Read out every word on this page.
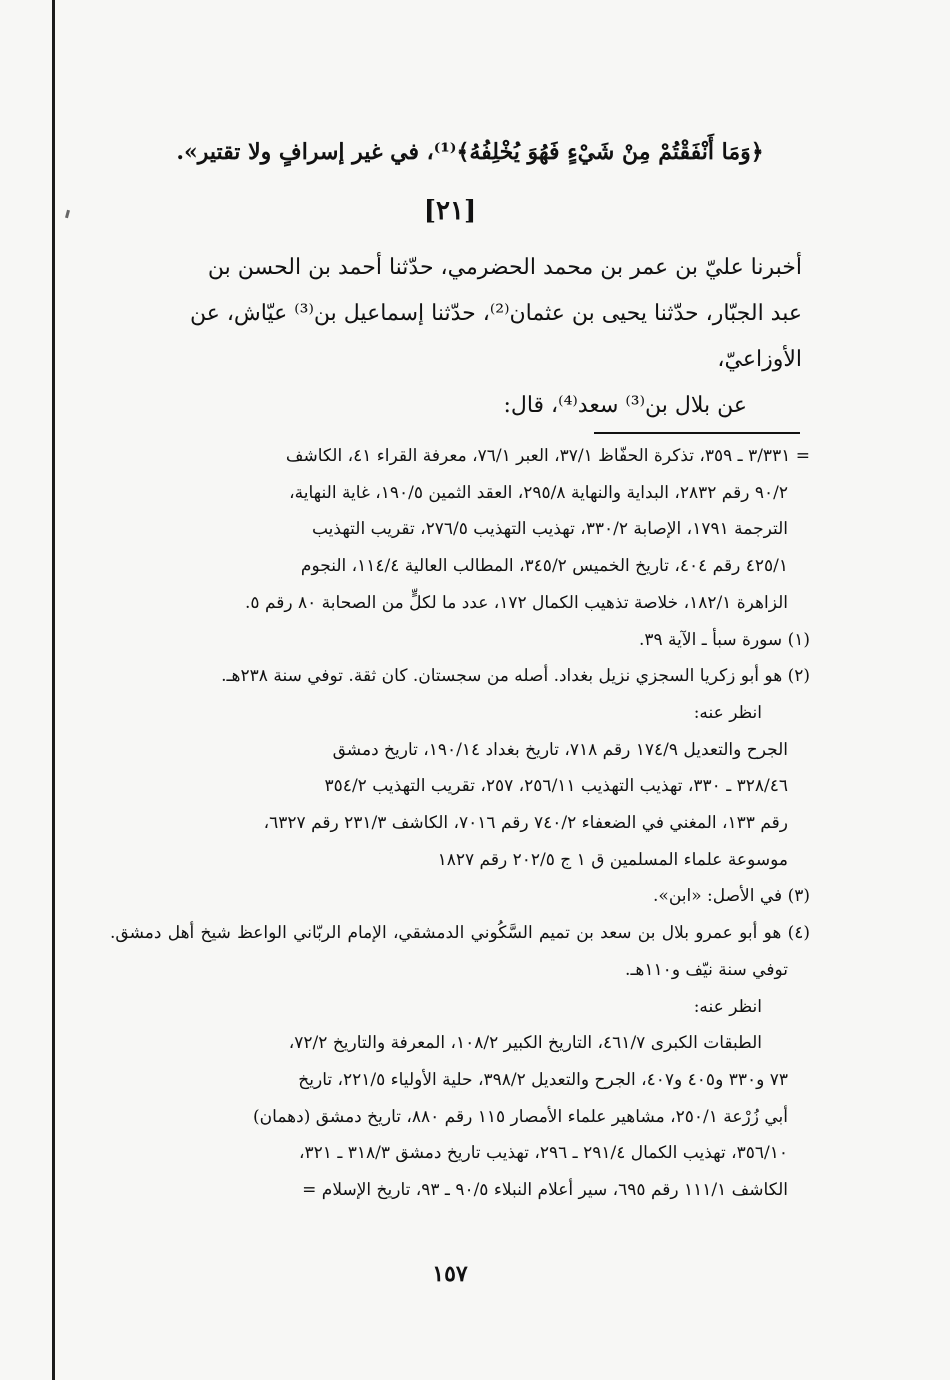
﴿وَمَا أَنْفَقْتُمْ مِنْ شَيْءٍ فَهُوَ يُخْلِفُهُ﴾⁽¹⁾، في غير إسرافٍ ولا تقتير».
[٢١]

أخبرنا عليّ بن عمر بن محمد الحضرمي، حدّثنا أحمد بن الحسن بن

عبد الجبّار، حدّثنا يحيى بن عثمان⁽²⁾، حدّثنا إسماعيل بن⁽³⁾ عيّاش، عن

الأوزاعيّ،

عن بلال بن⁽³⁾ سعد⁽⁴⁾، قال:

= ٣/٣٣١ ـ ٣٥٩، تذكرة الحفّاظ ٣٧/١، العبر ٧٦/١، معرفة القراء ٤١، الكاشف

٩٠/٢ رقم ٢٨٣٢، البداية والنهاية ٢٩٥/٨، العقد الثمين ١٩٠/٥، غاية النهاية،

الترجمة ١٧٩١، الإصابة ٣٣٠/٢، تهذيب التهذيب ٢٧٦/٥، تقريب التهذيب

٤٢٥/١ رقم ٤٠٤، تاريخ الخميس ٣٤٥/٢، المطالب العالية ١١٤/٤، النجوم

الزاهرة ١٨٢/١، خلاصة تذهيب الكمال ١٧٢، عدد ما لكلٍّ من الصحابة ٨٠ رقم ٥.

(١) سورة سبأ ـ الآية ٣٩.

(٢) هو أبو زكريا السجزي نزيل بغداد. أصله من سجستان. كان ثقة. توفي سنة ٢٣٨هـ.

انظر عنه:

الجرح والتعديل ١٧٤/٩ رقم ٧١٨، تاريخ بغداد ١٩٠/١٤، تاريخ دمشق

٣٢٨/٤٦ ـ ٣٣٠، تهذيب التهذيب ٢٥٦/١١، ٢٥٧، تقريب التهذيب ٣٥٤/٢

رقم ١٣٣، المغني في الضعفاء ٧٤٠/٢ رقم ٧٠١٦، الكاشف ٢٣١/٣ رقم ٦٣٢٧،

موسوعة علماء المسلمين ق ١ ج ٢٠٢/٥ رقم ١٨٢٧

(٣) في الأصل: «ابن».

(٤) هو أبو عمرو بلال بن سعد بن تميم السَّكُوني الدمشقي، الإمام الربّاني الواعظ شيخ أهل دمشق. توفي سنة نيّف و١١٠هـ.

انظر عنه:

الطبقات الكبرى ٤٦١/٧، التاريخ الكبير ١٠٨/٢، المعرفة والتاريخ ٧٢/٢،

٧٣ و٣٣٠ و٤٠٥ و٤٠٧، الجرح والتعديل ٣٩٨/٢، حلية الأولياء ٢٢١/٥، تاريخ

أبي زُرْعة ٢٥٠/١، مشاهير علماء الأمصار ١١٥ رقم ٨٨٠، تاريخ دمشق (دهمان)

٣٥٦/١٠، تهذيب الكمال ٢٩١/٤ ـ ٢٩٦، تهذيب تاريخ دمشق ٣١٨/٣ ـ ٣٢١،

الكاشف ١١١/١ رقم ٦٩٥، سير أعلام النبلاء ٩٠/٥ ـ ٩٣، تاريخ الإسلام =

١٥٧
